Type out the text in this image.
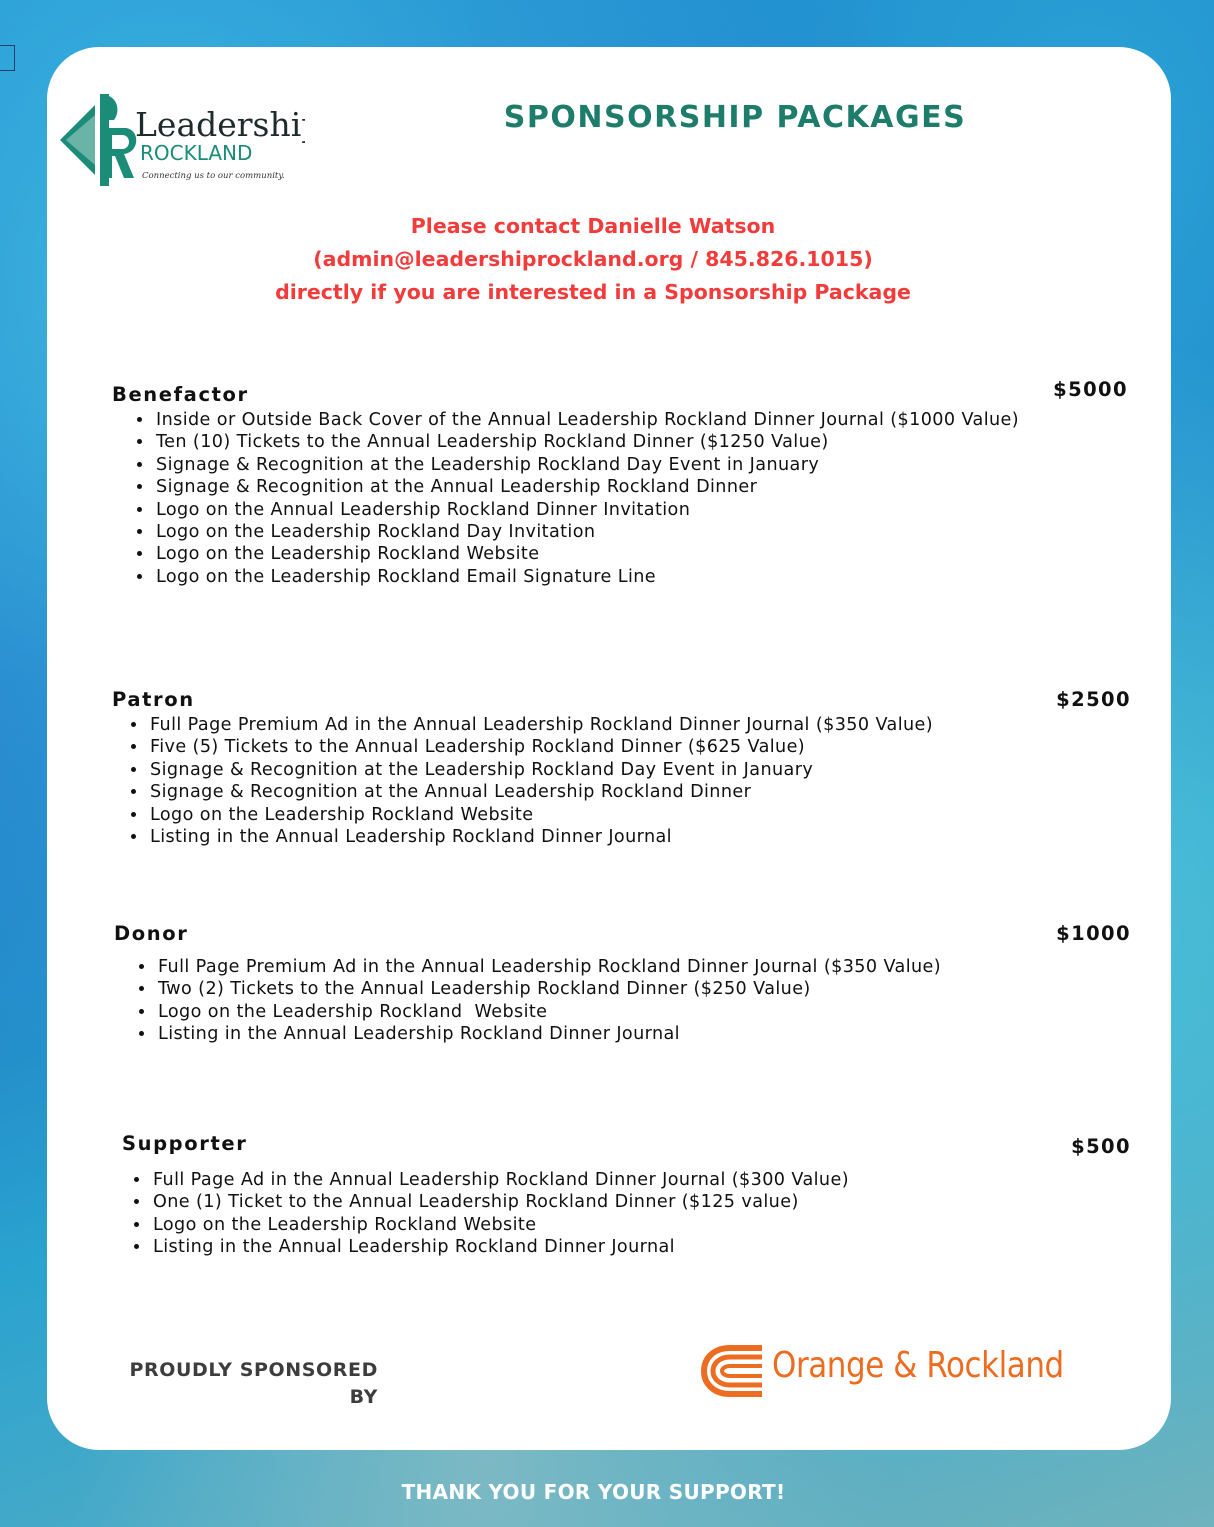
Leadership
ROCKLAND
Connecting us to our community.
SPONSORSHIP PACKAGES
Please contact Danielle Watson
(admin@leadershiprockland.org / 845.826.1015)
directly if you are interested in a Sponsorship Package
Benefactor	$5000
• Inside or Outside Back Cover of the Annual Leadership Rockland Dinner Journal ($1000 Value)
• Ten (10) Tickets to the Annual Leadership Rockland Dinner ($1250 Value)
• Signage & Recognition at the Leadership Rockland Day Event in January
• Signage & Recognition at the Annual Leadership Rockland Dinner
• Logo on the Annual Leadership Rockland Dinner Invitation
• Logo on the Leadership Rockland Day Invitation
• Logo on the Leadership Rockland Website
• Logo on the Leadership Rockland Email Signature Line
Patron	$2500
• Full Page Premium Ad in the Annual Leadership Rockland Dinner Journal ($350 Value)
• Five (5) Tickets to the Annual Leadership Rockland Dinner ($625 Value)
• Signage & Recognition at the Leadership Rockland Day Event in January
• Signage & Recognition at the Annual Leadership Rockland Dinner
• Logo on the Leadership Rockland Website
• Listing in the Annual Leadership Rockland Dinner Journal
Donor	$1000
• Full Page Premium Ad in the Annual Leadership Rockland Dinner Journal ($350 Value)
• Two (2) Tickets to the Annual Leadership Rockland Dinner ($250 Value)
• Logo on the Leadership Rockland  Website
• Listing in the Annual Leadership Rockland Dinner Journal
Supporter	$500
• Full Page Ad in the Annual Leadership Rockland Dinner Journal ($300 Value)
• One (1) Ticket to the Annual Leadership Rockland Dinner ($125 value)
• Logo on the Leadership Rockland Website
• Listing in the Annual Leadership Rockland Dinner Journal
PROUDLY SPONSORED
BY
Orange & Rockland
THANK YOU FOR YOUR SUPPORT!
